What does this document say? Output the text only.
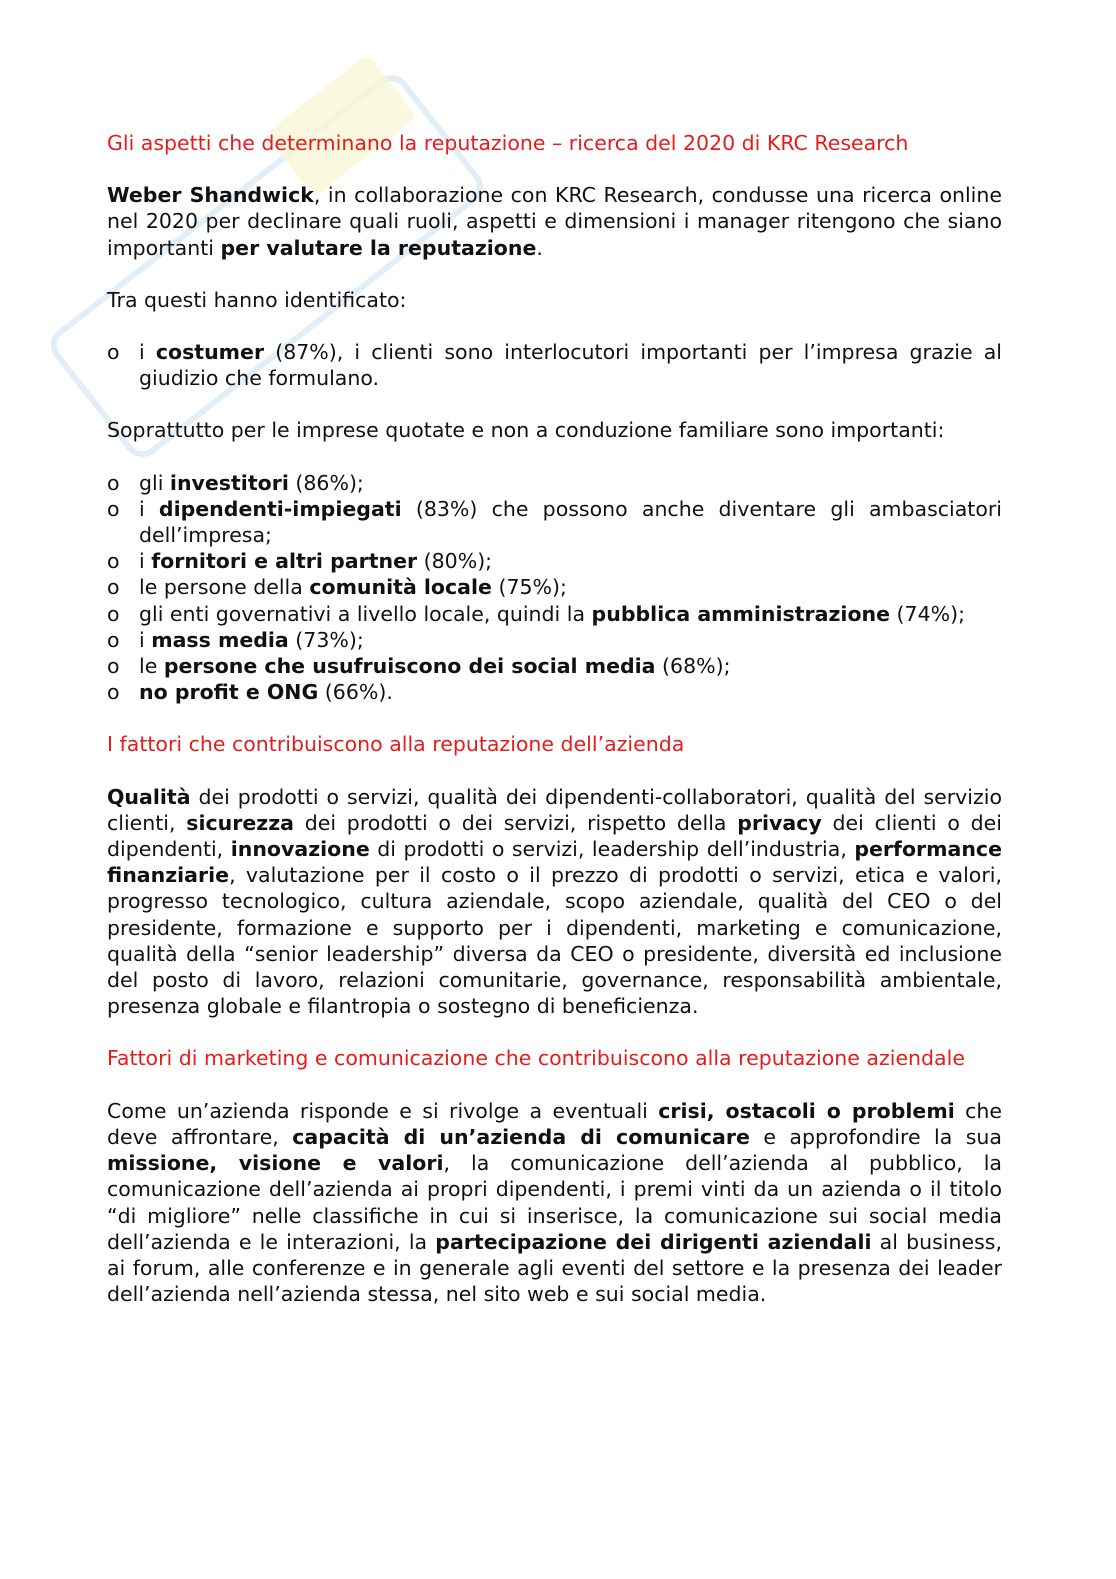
Gli aspetti che determinano la reputazione – ricerca del 2020 di KRC Research

Weber Shandwick, in collaborazione con KRC Research, condusse una ricerca online nel 2020 per declinare quali ruoli, aspetti e dimensioni i manager ritengono che siano importanti per valutare la reputazione.

Tra questi hanno identificato:

o i costumer (87%), i clienti sono interlocutori importanti per l’impresa grazie al giudizio che formulano.

Soprattutto per le imprese quotate e non a conduzione familiare sono importanti:

o gli investitori (86%);
o i dipendenti-impiegati (83%) che possono anche diventare gli ambasciatori dell’impresa;
o i fornitori e altri partner (80%);
o le persone della comunità locale (75%);
o gli enti governativi a livello locale, quindi la pubblica amministrazione (74%);
o i mass media (73%);
o le persone che usufruiscono dei social media (68%);
o no profit e ONG (66%).
I fattori che contribuiscono alla reputazione dell’azienda

Qualità dei prodotti o servizi, qualità dei dipendenti-collaboratori, qualità del servizio clienti, sicurezza dei prodotti o dei servizi, rispetto della privacy dei clienti o dei dipendenti, innovazione di prodotti o servizi, leadership dell’industria, performance finanziarie, valutazione per il costo o il prezzo di prodotti o servizi, etica e valori, progresso tecnologico, cultura aziendale, scopo aziendale, qualità del CEO o del presidente, formazione e supporto per i dipendenti, marketing e comunicazione, qualità della “senior leadership” diversa da CEO o presidente, diversità ed inclusione del posto di lavoro, relazioni comunitarie, governance, responsabilità ambientale, presenza globale e filantropia o sostegno di beneficienza.

Fattori di marketing e comunicazione che contribuiscono alla reputazione aziendale

Come un’azienda risponde e si rivolge a eventuali crisi, ostacoli o problemi che deve affrontare, capacità di un’azienda di comunicare e approfondire la sua missione, visione e valori, la comunicazione dell’azienda al pubblico, la comunicazione dell’azienda ai propri dipendenti, i premi vinti da un azienda o il titolo “di migliore” nelle classifiche in cui si inserisce, la comunicazione sui social media dell’azienda e le interazioni, la partecipazione dei dirigenti aziendali al business, ai forum, alle conferenze e in generale agli eventi del settore e la presenza dei leader dell’azienda nell’azienda stessa, nel sito web e sui social media.
